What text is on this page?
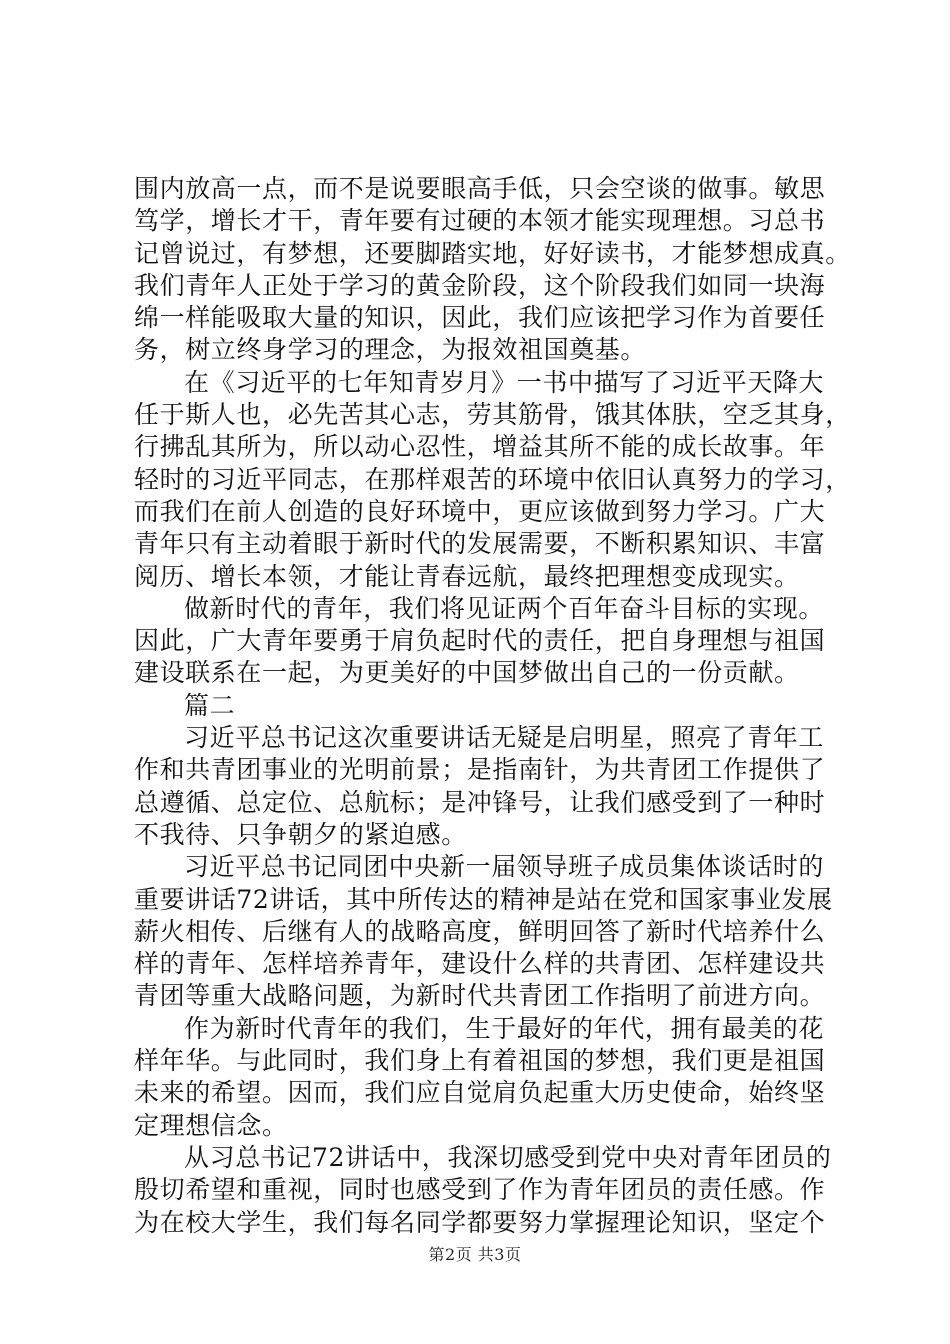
围内放高一点，而不是说要眼高手低，只会空谈的做事。敏思
笃学，增长才干，青年要有过硬的本领才能实现理想。习总书
记曾说过，有梦想，还要脚踏实地，好好读书，才能梦想成真。
我们青年人正处于学习的黄金阶段，这个阶段我们如同一块海
绵一样能吸取大量的知识，因此，我们应该把学习作为首要任
务，树立终身学习的理念，为报效祖国奠基。
在《习近平的七年知青岁月》一书中描写了习近平天降大
任于斯人也，必先苦其心志，劳其筋骨，饿其体肤，空乏其身，
行拂乱其所为，所以动心忍性，增益其所不能的成长故事。年
轻时的习近平同志，在那样艰苦的环境中依旧认真努力的学习，
而我们在前人创造的良好环境中，更应该做到努力学习。广大
青年只有主动着眼于新时代的发展需要，不断积累知识、丰富
阅历、增长本领，才能让青春远航，最终把理想变成现实。
做新时代的青年，我们将见证两个百年奋斗目标的实现。
因此，广大青年要勇于肩负起时代的责任，把自身理想与祖国
建设联系在一起，为更美好的中国梦做出自己的一份贡献。
篇二
习近平总书记这次重要讲话无疑是启明星，照亮了青年工
作和共青团事业的光明前景；是指南针，为共青团工作提供了
总遵循、总定位、总航标；是冲锋号，让我们感受到了一种时
不我待、只争朝夕的紧迫感。
习近平总书记同团中央新一届领导班子成员集体谈话时的
重要讲话72讲话，其中所传达的精神是站在党和国家事业发展
薪火相传、后继有人的战略高度，鲜明回答了新时代培养什么
样的青年、怎样培养青年，建设什么样的共青团、怎样建设共
青团等重大战略问题，为新时代共青团工作指明了前进方向。
作为新时代青年的我们，生于最好的年代，拥有最美的花
样年华。与此同时，我们身上有着祖国的梦想，我们更是祖国
未来的希望。因而，我们应自觉肩负起重大历史使命，始终坚
定理想信念。
从习总书记72讲话中，我深切感受到党中央对青年团员的
殷切希望和重视，同时也感受到了作为青年团员的责任感。作
为在校大学生，我们每名同学都要努力掌握理论知识，坚定个
第2页 共3页
